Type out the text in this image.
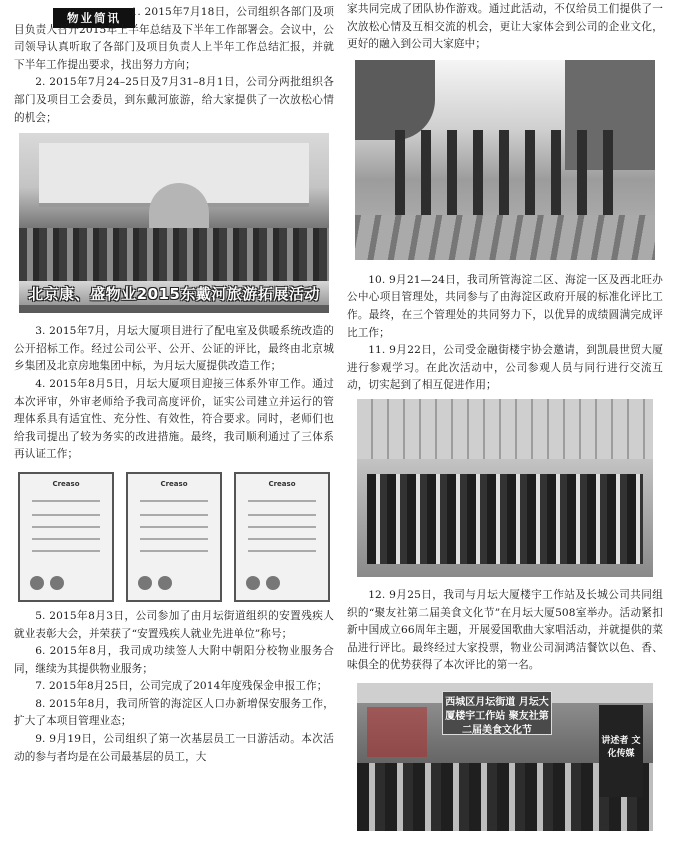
物业简讯 1. 2015年7月18日，公司组织各部门及项目负责人召开2015年上半年总结及下半年工作部署会。会议中，公司领导认真听取了各部门及项目负责人上半年工作总结汇报，并就下半年工作提出要求，找出努力方向；

2. 2015年7月24–25日及7月31–8月1日，公司分两批组织各部门及项目工会委员，到东戴河旅游，给大家提供了一次放松心情的机会；

北京康、盛物业2015东戴河旅游拓展活动

3. 2015年7月，月坛大厦项目进行了配电室及供暖系统改造的公开招标工作。经过公司公平、公开、公证的评比，最终由北京城乡集团及北京房地集团中标，为月坛大厦提供改造工作；

4. 2015年8月5日，月坛大厦项目迎接三体系外审工作。通过本次评审，外审老师给予我司高度评价，证实公司建立并运行的管理体系具有适宜性、充分性、有效性，符合要求。同时，老师们也给我司提出了较为务实的改进措施。最终，我司顺利通过了三体系再认证工作；

Creaso	Creaso	Creaso

5. 2015年8月3日，公司参加了由月坛街道组织的安置残疾人就业表彰大会，并荣获了“安置残疾人就业先进单位”称号；

6. 2015年8月，我司成功续签人大附中朝阳分校物业服务合同，继续为其提供物业服务；

7. 2015年8月25日，公司完成了2014年度残保金申报工作；

8. 2015年8月，我司所管的海淀区人口办新增保安服务工作，扩大了本项目管理业态；

9. 9月19日，公司组织了第一次基层员工一日游活动。本次活动的参与者均是在公司最基层的员工，大

家共同完成了团队协作游戏。通过此活动，不仅给员工们提供了一次放松心情及互相交流的机会，更让大家体会到公司的企业文化，更好的融入到公司大家庭中；

10. 9月21—24日，我司所管海淀二区、海淀一区及西北旺办公中心项目管理处，共同参与了由海淀区政府开展的标准化评比工作。最终，在三个管理处的共同努力下，以优异的成绩圆满完成评比工作；

11. 9月22日，公司受金融街楼宇协会邀请，到凯晨世贸大厦进行参观学习。在此次活动中，公司参观人员与同行进行交流互动，切实起到了相互促进作用；

12. 9月25日，我司与月坛大厦楼宇工作站及长城公司共同组织的“聚友社第二届美食文化节”在月坛大厦508室举办。活动紧扣新中国成立66周年主题，开展爱国歌曲大家唱活动，并就提供的菜品进行评比。最终经过大家投票，物业公司洞鸿洁餐饮以色、香、味俱全的优势获得了本次评比的第一名。

西城区月坛街道 月坛大厦楼宇工作站 聚友社第二届美食文化节
讲述者 文化传媒
